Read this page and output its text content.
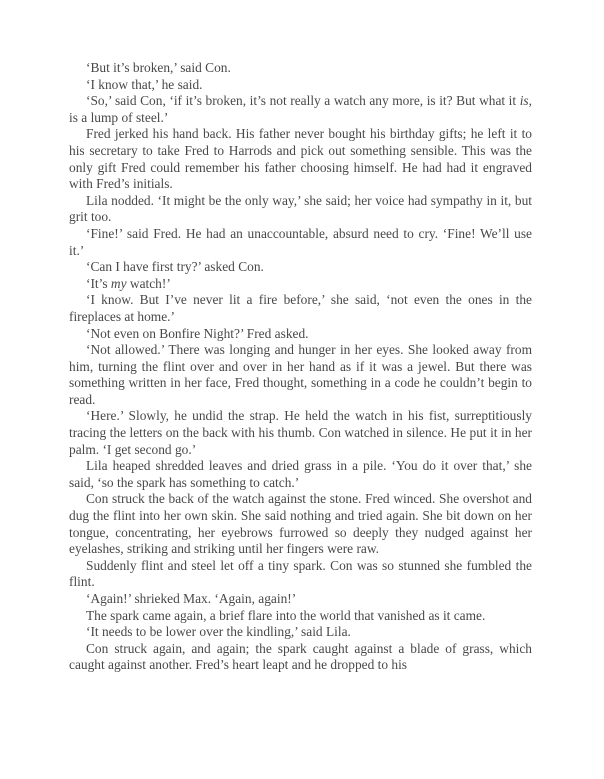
‘But it’s broken,’ said Con.

‘I know that,’ he said.

‘So,’ said Con, ‘if it’s broken, it’s not really a watch any more, is it? But what it is, is a lump of steel.’

Fred jerked his hand back. His father never bought his birthday gifts; he left it to his secretary to take Fred to Harrods and pick out something sensible. This was the only gift Fred could remember his father choosing himself. He had had it engraved with Fred’s initials.

Lila nodded. ‘It might be the only way,’ she said; her voice had sympathy in it, but grit too.

‘Fine!’ said Fred. He had an unaccountable, absurd need to cry. ‘Fine! We’ll use it.’

‘Can I have first try?’ asked Con.

‘It’s my watch!’

‘I know. But I’ve never lit a fire before,’ she said, ‘not even the ones in the fireplaces at home.’

‘Not even on Bonfire Night?’ Fred asked.

‘Not allowed.’ There was longing and hunger in her eyes. She looked away from him, turning the flint over and over in her hand as if it was a jewel. But there was something written in her face, Fred thought, something in a code he couldn’t begin to read.

‘Here.’ Slowly, he undid the strap. He held the watch in his fist, surreptitiously tracing the letters on the back with his thumb. Con watched in silence. He put it in her palm. ‘I get second go.’

Lila heaped shredded leaves and dried grass in a pile. ‘You do it over that,’ she said, ‘so the spark has something to catch.’

Con struck the back of the watch against the stone. Fred winced. She overshot and dug the flint into her own skin. She said nothing and tried again. She bit down on her tongue, concentrating, her eyebrows furrowed so deeply they nudged against her eyelashes, striking and striking until her fingers were raw.

Suddenly flint and steel let off a tiny spark. Con was so stunned she fumbled the flint.

‘Again!’ shrieked Max. ‘Again, again!’

The spark came again, a brief flare into the world that vanished as it came.

‘It needs to be lower over the kindling,’ said Lila.

Con struck again, and again; the spark caught against a blade of grass, which caught against another. Fred’s heart leapt and he dropped to his
